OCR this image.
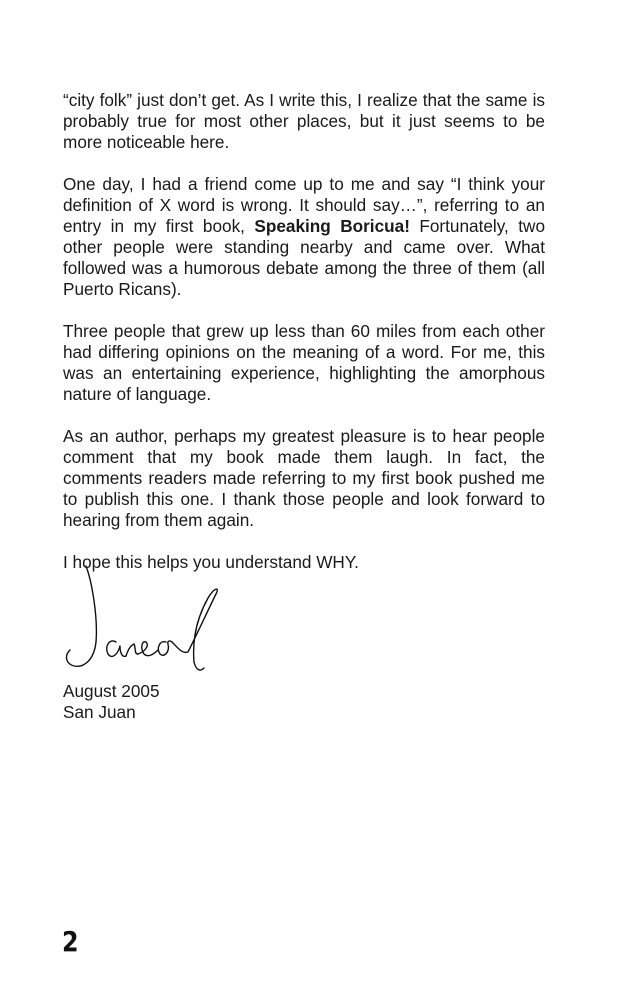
“city folk” just don’t get. As I write this, I realize that the same is probably true for most other places, but it just seems to be more noticeable here.

One day, I had a friend come up to me and say “I think your definition of X word is wrong. It should say…”, referring to an entry in my first book, Speaking Boricua! Fortunately, two other people were standing nearby and came over. What followed was a humorous debate among the three of them (all Puerto Ricans).

Three people that grew up less than 60 miles from each other had differing opinions on the meaning of a word. For me, this was an entertaining experience, highlighting the amorphous nature of language.

As an author, perhaps my greatest pleasure is to hear people comment that my book made them laugh. In fact, the comments readers made referring to my first book pushed me to publish this one. I thank those people and look forward to hearing from them again.

I hope this helps you understand WHY.

August 2005
San Juan
2
